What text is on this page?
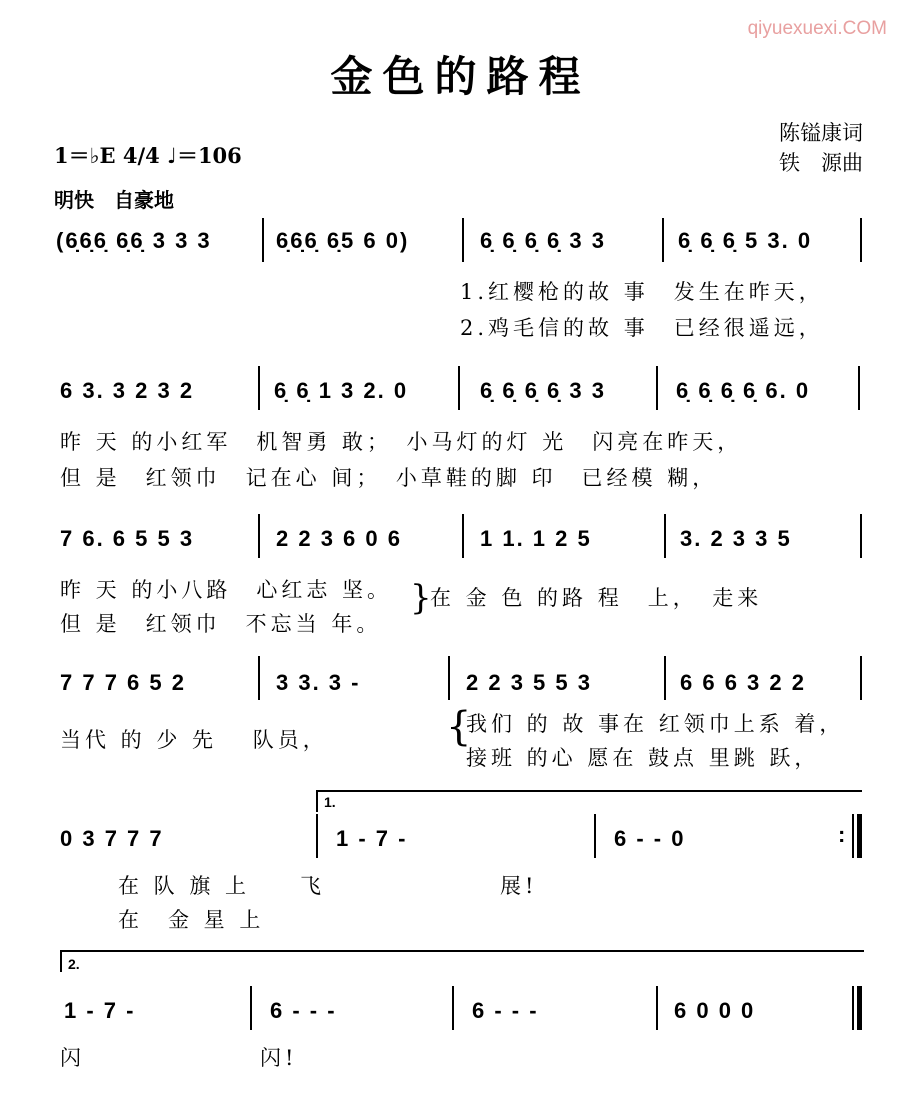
qiyuexuexi.COM
金色的路程
陈镒康词
铁　源曲
1＝♭E 4/4 ♩＝106
明快　自豪地
(6̣6̣6̣ 6̣6̣ 3 3 3	6̣6̣6̣ 6̣5 6 0)	6̣ 6̣ 6̣ 6̣ 3 3	6̣ 6̣ 6̣ 5 3. 0
1.红樱枪的故 事　发生在昨天，
2.鸡毛信的故 事　已经很遥远，
6 3. 3 2 3 2	6̣ 6̣ 1 3 2. 0	6̣ 6̣ 6̣ 6̣ 3 3	6̣ 6̣ 6̣ 6̣ 6. 0
昨 天 的小红军　机智勇 敢；　小马灯的灯 光　闪亮在昨天，
但 是　红领巾　记在心 间；　小草鞋的脚 印　已经模 糊，
7 6. 6 5 5 3	2 2 3 6 0 6	1 1. 1 2 5	3. 2 3 3 5
昨 天 的小八路　心红志 坚。
但 是　红领巾　不忘当 年。
}
在 金 色 的路 程　上，　走来
7 7 7 6 5 2	3 3. 3 -	2 2 3 5 5 3	6 6 6 3 2 2
当代 的 少 先　 队员，	{
我们 的 故 事在 红领巾上系 着，
接班 的心 愿在 鼓点 里跳 跃，
1.
0 3 7 7 7	1 - 7 -	6 - - 0	:
在 队 旗 上　　飞　　　　　　　展!
在　金 星 上
2.
1 - 7 -	6 - - -	6 - - -	6 0 0 0
闪　　　　　　　闪!
